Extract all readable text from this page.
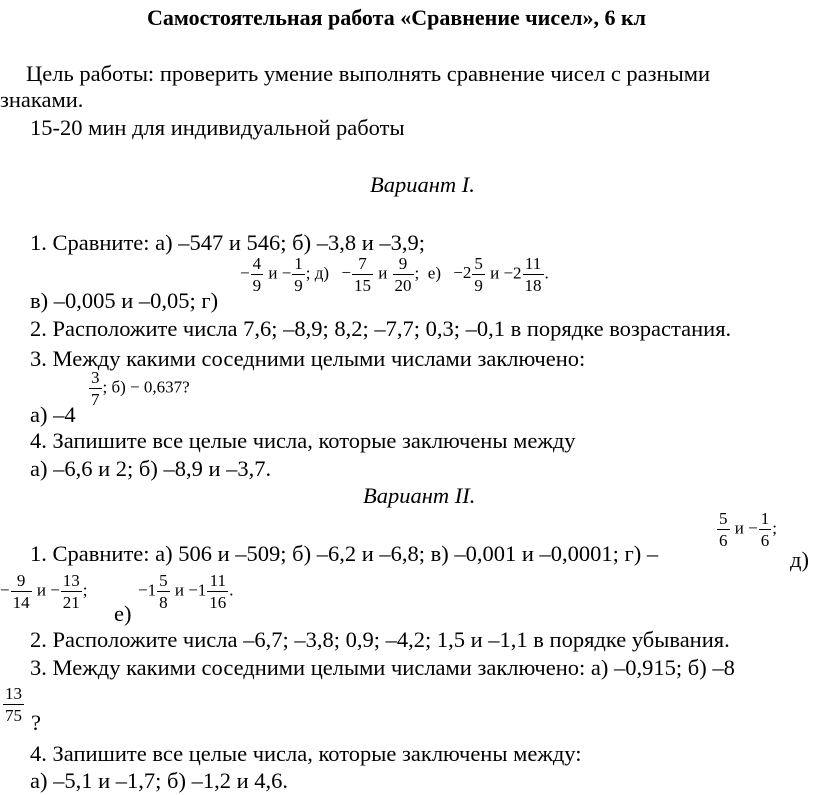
Самостоятельная работа «Сравнение чисел», 6 кл
Цель работы: проверить умение выполнять сравнение чисел с разными
знаками.
15-20 мин для индивидуальной работы
Вариант I.
1. Сравните: а) –547 и 546; б) –3,8 и –3,9;
− $\frac{4}{9}$ $и - \frac{1}{9}$ ; $д) - \frac{7}{15}$ и $\frac{9}{20}$ ;  $е) -2 \frac{5}{9}$ $и -2 \frac{11}{18}$ .
в) –0,005 и –0,05; г)
2. Расположите числа 7,6; –8,9; 8,2; –7,7; 0,3; –0,1 в порядке возрастания.
3. Между какими соседними целыми числами заключено:
а) –4
$\frac{3}{7}$ ; б) − 0,637?
4. Запишите все целые числа, которые заключены между
а) –6,6 и 2; б) –8,9 и –3,7.
Вариант II.
$\frac{5}{6}$ $и - \frac{1}{6}$ ;
1. Сравните: а) 506 и –509; б) –6,2 и –6,8; в) –0,001 и –0,0001; г) –	д)
− $\frac{9}{14}$ $и - \frac{13}{21}$ ;
е)
$-1 \frac{5}{8}$ $и -1 \frac{11}{16}$ .
2. Расположите числа –6,7; –3,8; 0,9; –4,2; 1,5 и –1,1 в порядке убывания.
3. Между какими соседними целыми числами заключено: а) –0,915; б) –8
$\frac{13}{75}$ ?
4. Запишите все целые числа, которые заключены между:
а) –5,1 и –1,7; б) –1,2 и 4,6.
